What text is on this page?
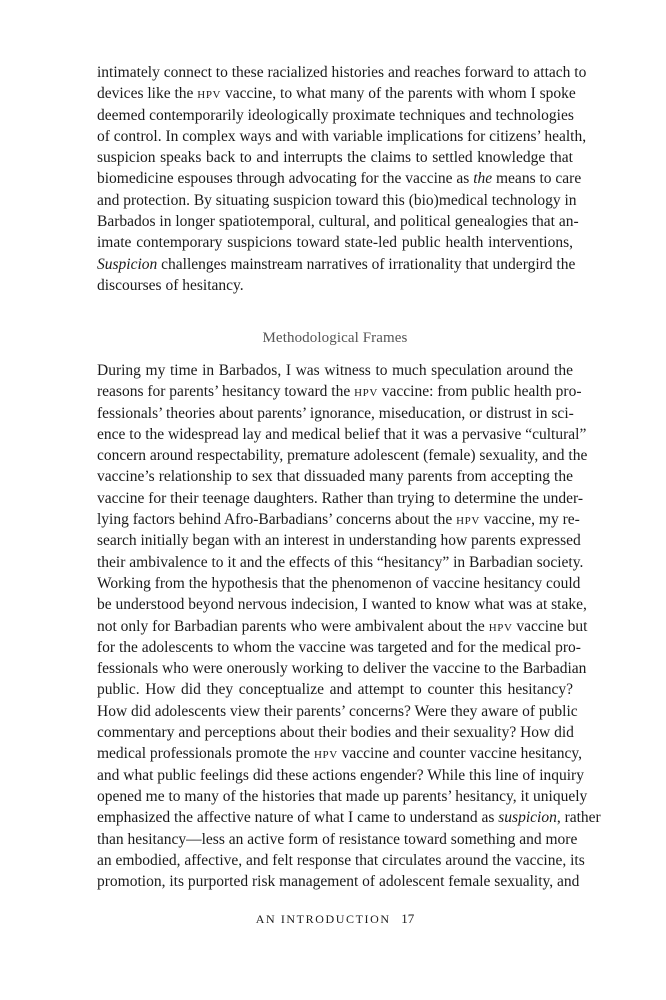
intimately connect to these racialized histories and reaches forward to attach to

devices like the hpv vaccine, to what many of the parents with whom I spoke

deemed contemporarily ideologically proximate techniques and technologies

of control. In complex ways and with variable implications for citizens’ health,

suspicion speaks back to and interrupts the claims to settled knowledge that

biomedicine espouses through advocating for the vaccine as the means to care

and protection. By situating suspicion toward this (bio)medical technology in

Barbados in longer spatiotemporal, cultural, and political genealogies that an-

imate contemporary suspicions toward state-led public health interventions,

Suspicion challenges mainstream narratives of irrationality that undergird the

discourses of hesitancy.

Methodological Frames

During my time in Barbados, I was witness to much speculation around the

reasons for parents’ hesitancy toward the hpv vaccine: from public health pro-

fessionals’ theories about parents’ ignorance, miseducation, or distrust in sci-

ence to the widespread lay and medical belief that it was a pervasive “cultural”

concern around respectability, premature adolescent (female) sexuality, and the

vaccine’s relationship to sex that dissuaded many parents from accepting the

vaccine for their teenage daughters. Rather than trying to determine the under-

lying factors behind Afro-Barbadians’ concerns about the hpv vaccine, my re-

search initially began with an interest in understanding how parents expressed

their ambivalence to it and the effects of this “hesitancy” in Barbadian society.

Working from the hypothesis that the phenomenon of vaccine hesitancy could

be understood beyond nervous indecision, I wanted to know what was at stake,

not only for Barbadian parents who were ambivalent about the hpv vaccine but

for the adolescents to whom the vaccine was targeted and for the medical pro-

fessionals who were onerously working to deliver the vaccine to the Barbadian

public. How did they conceptualize and attempt to counter this hesitancy?

How did adolescents view their parents’ concerns? Were they aware of public

commentary and perceptions about their bodies and their sexuality? How did

medical professionals promote the hpv vaccine and counter vaccine hesitancy,

and what public feelings did these actions engender? While this line of inquiry

opened me to many of the histories that made up parents’ hesitancy, it uniquely

emphasized the affective nature of what I came to understand as suspicion, rather

than hesitancy—less an active form of resistance toward something and more

an embodied, affective, and felt response that circulates around the vaccine, its

promotion, its purported risk management of adolescent female sexuality, and

AN INTRODUCTION 17
